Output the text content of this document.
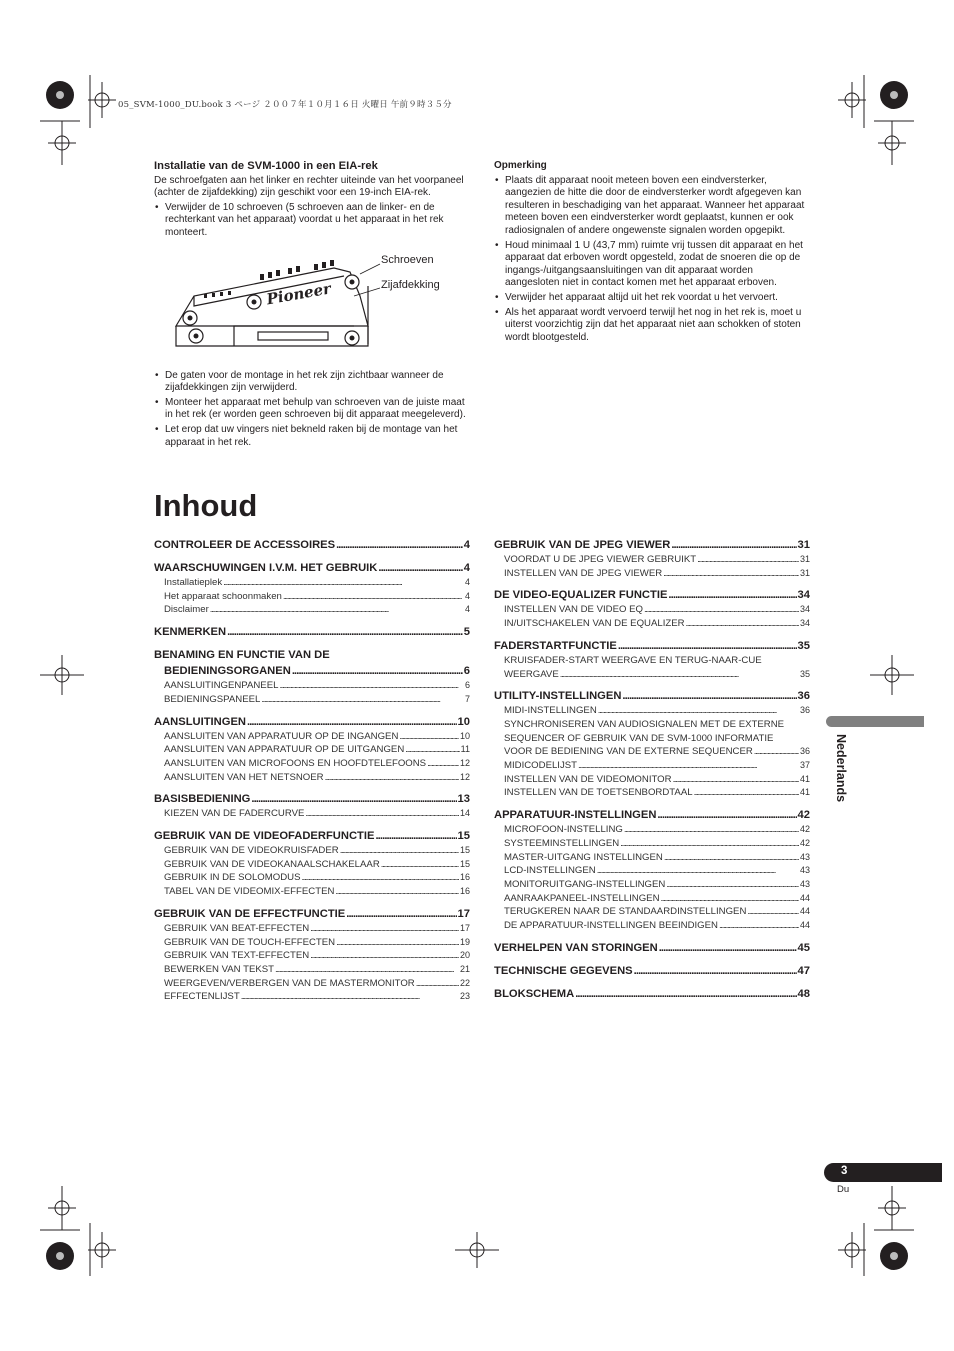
05_SVM-1000_DU.book 3 ページ ２００７年１０月１６日 火曜日 午前９時３５分
Installatie van de SVM-1000 in een EIA-rek

De schroefgaten aan het linker en rechter uiteinde van het voorpaneel (achter de zijafdekking) zijn geschikt voor een 19-inch EIA-rek.

• Verwijder de 10 schroeven (5 schroeven aan de linker- en de rechterkant van het apparaat) voordat u het apparaat in het rek monteert.
Pioneer
Schroeven
Zijafdekking
• De gaten voor de montage in het rek zijn zichtbaar wanneer de zijafdekkingen zijn verwijderd.
• Monteer het apparaat met behulp van schroeven van de juiste maat in het rek (er worden geen schroeven bij dit apparaat meegeleverd).
• Let erop dat uw vingers niet bekneld raken bij de montage van het apparaat in het rek.
Opmerking
• Plaats dit apparaat nooit meteen boven een eindversterker, aangezien de hitte die door de eindversterker wordt afgegeven kan resulteren in beschadiging van het apparaat. Wanneer het apparaat meteen boven een eindversterker wordt geplaatst, kunnen er ook radiosignalen of andere ongewenste signalen worden opgepikt.
• Houd minimaal 1 U (43,7 mm) ruimte vrij tussen dit apparaat en het apparaat dat erboven wordt opgesteld, zodat de snoeren die op de ingangs-/uitgangsaansluitingen van dit apparaat worden aangesloten niet in contact komen met het apparaat erboven.
• Verwijder het apparaat altijd uit het rek voordat u het vervoert.
• Als het apparaat wordt vervoerd terwijl het nog in het rek is, moet u uiterst voorzichtig zijn dat het apparaat niet aan schokken of stoten wordt blootgesteld.
Inhoud
CONTROLEER DE ACCESSOIRES . . .	4
WAARSCHUWINGEN I.V.M. HET GEBRUIK . . .	4
Installatieplek . . .	4
Het apparaat schoonmaken . . .	4
Disclaimer . . .	4
KENMERKEN . . .	5
BENAMING EN FUNCTIE VAN DE
BEDIENINGSORGANEN . . .	6
AANSLUITINGENPANEEL . . .	6
BEDIENINGSPANEEL . . .	7
AANSLUITINGEN . . .	10
AANSLUITEN VAN APPARATUUR OP DE INGANGEN . . .	10
AANSLUITEN VAN APPARATUUR OP DE UITGANGEN . . .	11
AANSLUITEN VAN MICROFOONS EN HOOFDTELEFOONS . . .	12
AANSLUITEN VAN HET NETSNOER . . .	12
BASISBEDIENING . . .	13
KIEZEN VAN DE FADERCURVE . . .	14
GEBRUIK VAN DE VIDEOFADERFUNCTIE . . .	15
GEBRUIK VAN DE VIDEOKRUISFADER . . .	15
GEBRUIK VAN DE VIDEOKANAALSCHAKELAAR . . .	15
GEBRUIK IN DE SOLOMODUS . . .	16
TABEL VAN DE VIDEOMIX-EFFECTEN . . .	16
GEBRUIK VAN DE EFFECTFUNCTIE . . .	17
GEBRUIK VAN BEAT-EFFECTEN . . .	17
GEBRUIK VAN DE TOUCH-EFFECTEN . . .	19
GEBRUIK VAN TEXT-EFFECTEN . . .	20
BEWERKEN VAN TEKST . . .	21
WEERGEVEN/VERBERGEN VAN DE MASTERMONITOR . . .	22
EFFECTENLIJST . . .	23
GEBRUIK VAN DE JPEG VIEWER . . .	31
VOORDAT U DE JPEG VIEWER GEBRUIKT . . .	31
INSTELLEN VAN DE JPEG VIEWER . . .	31
DE VIDEO-EQUALIZER FUNCTIE . . .	34
INSTELLEN VAN DE VIDEO EQ . . .	34
IN/UITSCHAKELEN VAN DE EQUALIZER . . .	34
FADERSTARTFUNCTIE . . .	35
KRUISFADER-START WEERGAVE EN TERUG-NAAR-CUE
WEERGAVE . . .	35
UTILITY-INSTELLINGEN . . .	36
MIDI-INSTELLINGEN . . .	36
SYNCHRONISEREN VAN AUDIOSIGNALEN MET DE EXTERNE
SEQUENCER OF GEBRUIK VAN DE SVM-1000 INFORMATIE
VOOR DE BEDIENING VAN DE EXTERNE SEQUENCER . . .	36
MIDICODELIJST . . .	37
INSTELLEN VAN DE VIDEOMONITOR . . .	41
INSTELLEN VAN DE TOETSENBORDTAAL . . .	41
APPARATUUR-INSTELLINGEN . . .	42
MICROFOON-INSTELLING . . .	42
SYSTEEMINSTELLINGEN . . .	42
MASTER-UITGANG INSTELLINGEN . . .	43
LCD-INSTELLINGEN . . .	43
MONITORUITGANG-INSTELLINGEN . . .	43
AANRAAKPANEEL-INSTELLINGEN . . .	44
TERUGKEREN NAAR DE STANDAARDINSTELLINGEN . . .	44
DE APPARATUUR-INSTELLINGEN BEEINDIGEN . . .	44
VERHELPEN VAN STORINGEN . . .	45
TECHNISCHE GEGEVENS . . .	47
BLOKSCHEMA . . .	48
Nederlands
3
Du
